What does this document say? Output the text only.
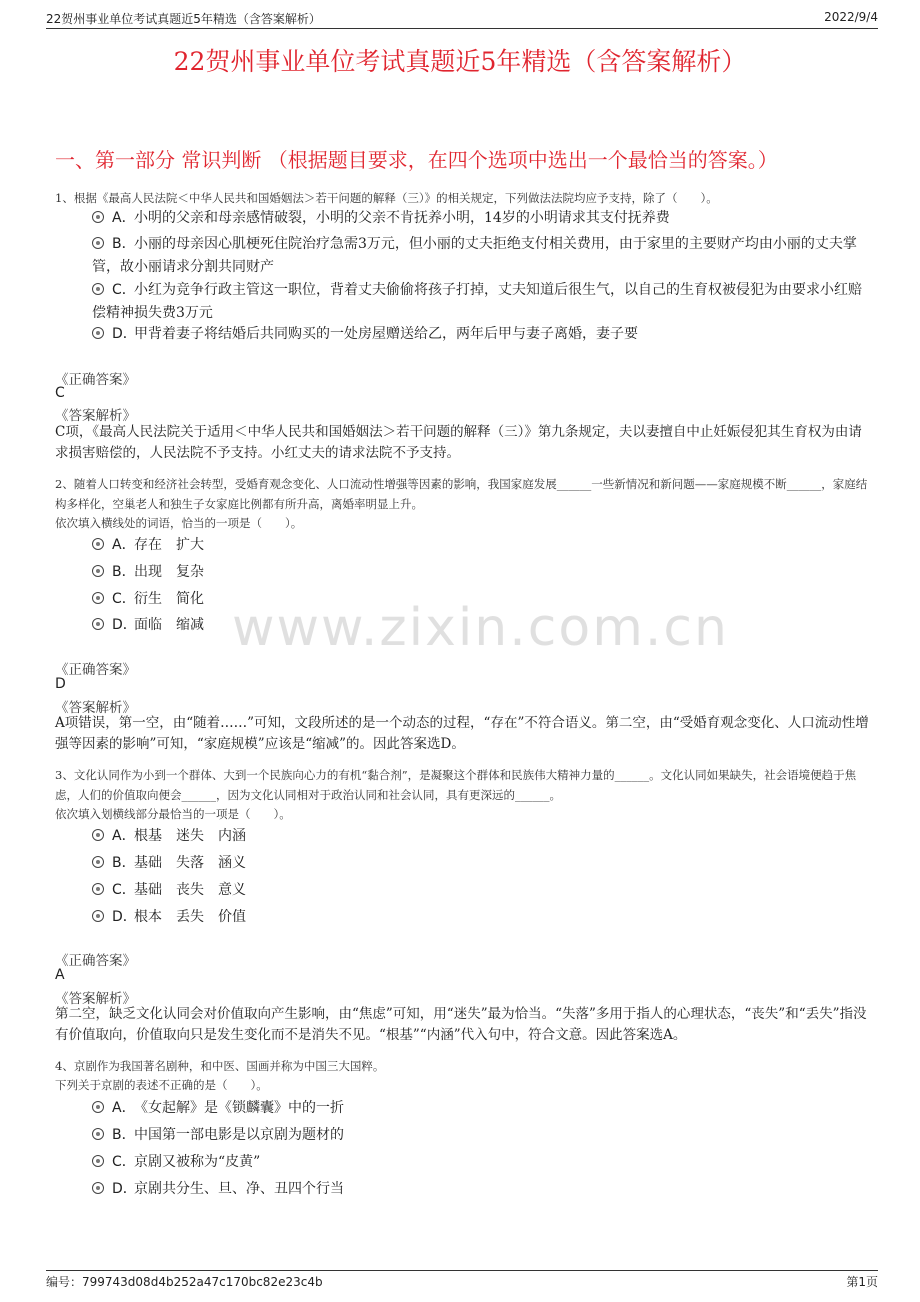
22贺州事业单位考试真题近5年精选（含答案解析）	2022/9/4
22贺州事业单位考试真题近5年精选（含答案解析）
一、第一部分 常识判断 （根据题目要求，在四个选项中选出一个最恰当的答案。）
www.zixin.com.cn
1、根据《最高人民法院＜中华人民共和国婚姻法＞若干问题的解释（三）》的相关规定，下列做法法院均应予支持，除了（　　）。
A．小明的父亲和母亲感情破裂，小明的父亲不肯抚养小明，14岁的小明请求其支付抚养费
B．小丽的母亲因心肌梗死住院治疗急需3万元，但小丽的丈夫拒绝支付相关费用，由于家里的主要财产均由小丽的丈夫掌管，故小丽请求分割共同财产
C．小红为竞争行政主管这一职位，背着丈夫偷偷将孩子打掉，丈夫知道后很生气，以自己的生育权被侵犯为由要求小红赔偿精神损失费3万元
D．甲背着妻子将结婚后共同购买的一处房屋赠送给乙，两年后甲与妻子离婚，妻子要
《正确答案》
C
《答案解析》
C项，《最高人民法院关于适用＜中华人民共和国婚姻法＞若干问题的解释（三）》第九条规定，夫以妻擅自中止妊娠侵犯其生育权为由请求损害赔偿的，人民法院不予支持。小红丈夫的请求法院不予支持。
2、随着人口转变和经济社会转型，受婚育观念变化、人口流动性增强等因素的影响，我国家庭发展______一些新情况和新问题——家庭规模不断______，家庭结构多样化，空巢老人和独生子女家庭比例都有所升高，离婚率明显上升。
依次填入横线处的词语，恰当的一项是（　　）。
A．存在　扩大
B．出现　复杂
C．衍生　简化
D．面临　缩减
《正确答案》
D
《答案解析》
A项错误，第一空，由“随着……”可知，文段所述的是一个动态的过程，“存在”不符合语义。第二空，由“受婚育观念变化、人口流动性增强等因素的影响”可知，“家庭规模”应该是“缩减”的。因此答案选D。
3、文化认同作为小到一个群体、大到一个民族向心力的有机“黏合剂”，是凝聚这个群体和民族伟大精神力量的______。文化认同如果缺失，社会语境便趋于焦虑，人们的价值取向便会______，因为文化认同相对于政治认同和社会认同，具有更深远的______。
依次填入划横线部分最恰当的一项是（　　）。
A．根基　迷失　内涵
B．基础　失落　涵义
C．基础　丧失　意义
D．根本　丢失　价值
《正确答案》
A
《答案解析》
第二空，缺乏文化认同会对价值取向产生影响，由“焦虑”可知，用“迷失”最为恰当。“失落”多用于指人的心理状态，“丧失”和“丢失”指没有价值取向，价值取向只是发生变化而不是消失不见。“根基”“内涵”代入句中，符合文意。因此答案选A。
4、京剧作为我国著名剧种，和中医、国画并称为中国三大国粹。
下列关于京剧的表述不正确的是（　　）。
A．《女起解》是《锁麟囊》中的一折
B．中国第一部电影是以京剧为题材的
C．京剧又被称为“皮黄”
D．京剧共分生、旦、净、丑四个行当
编号：799743d08d4b252a47c170bc82e23c4b	第1页
